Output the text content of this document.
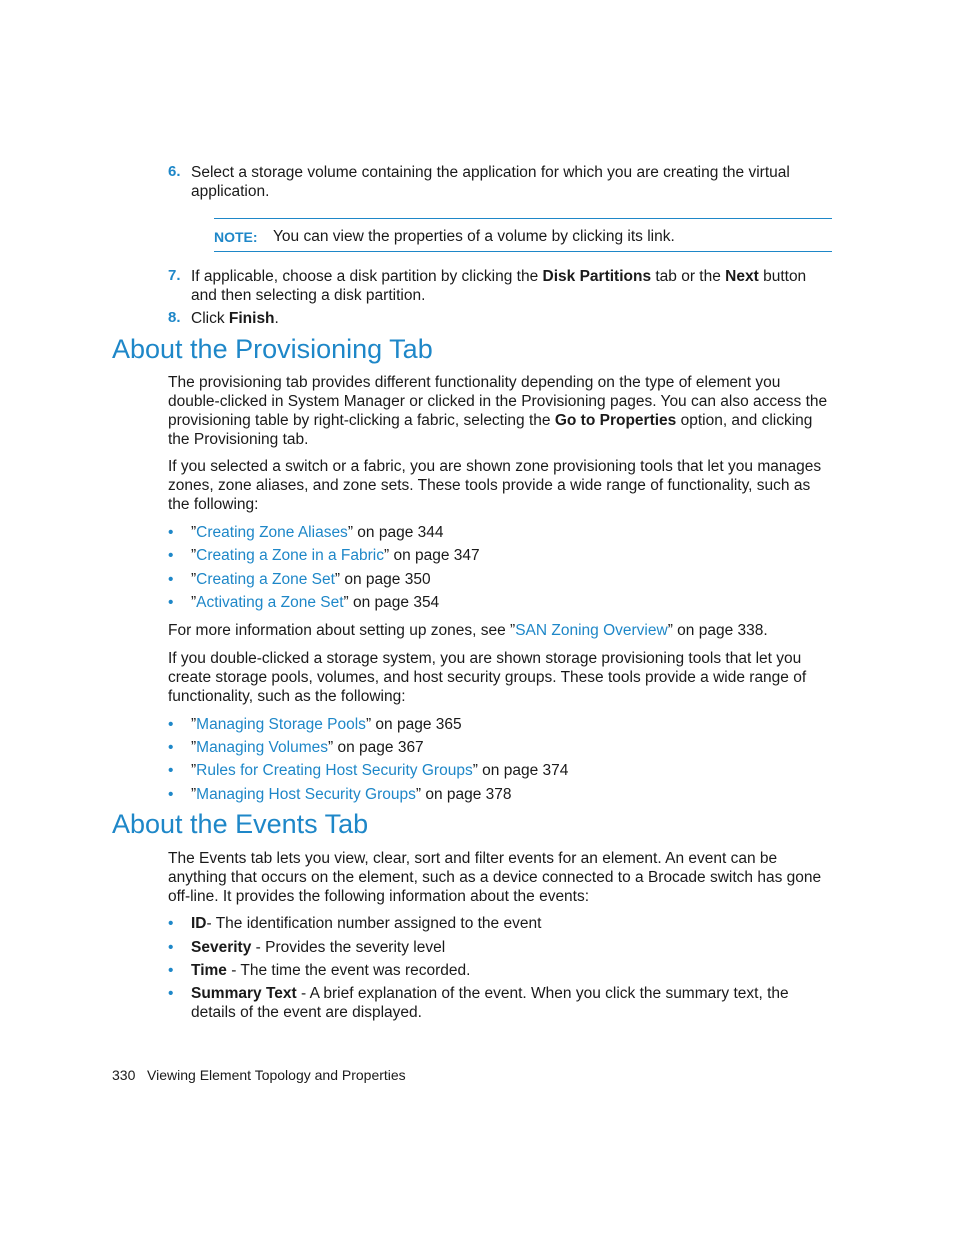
6. Select a storage volume containing the application for which you are creating the virtual application.
NOTE: You can view the properties of a volume by clicking its link.
7. If applicable, choose a disk partition by clicking the Disk Partitions tab or the Next button and then selecting a disk partition.
8. Click Finish.
About the Provisioning Tab
The provisioning tab provides different functionality depending on the type of element you double-clicked in System Manager or clicked in the Provisioning pages. You can also access the provisioning table by right-clicking a fabric, selecting the Go to Properties option, and clicking the Provisioning tab.
If you selected a switch or a fabric, you are shown zone provisioning tools that let you manages zones, zone aliases, and zone sets. These tools provide a wide range of functionality, such as the following:
• ”Creating Zone Aliases” on page 344
• ”Creating a Zone in a Fabric” on page 347
• ”Creating a Zone Set” on page 350
• ”Activating a Zone Set” on page 354
For more information about setting up zones, see ”SAN Zoning Overview” on page 338.
If you double-clicked a storage system, you are shown storage provisioning tools that let you create storage pools, volumes, and host security groups. These tools provide a wide range of functionality, such as the following:
• ”Managing Storage Pools” on page 365
• ”Managing Volumes” on page 367
• ”Rules for Creating Host Security Groups” on page 374
• ”Managing Host Security Groups” on page 378
About the Events Tab
The Events tab lets you view, clear, sort and filter events for an element. An event can be anything that occurs on the element, such as a device connected to a Brocade switch has gone off-line. It provides the following information about the events:
• ID- The identification number assigned to the event
• Severity - Provides the severity level
• Time - The time the event was recorded.
• Summary Text - A brief explanation of the event. When you click the summary text, the details of the event are displayed.
330 Viewing Element Topology and Properties
